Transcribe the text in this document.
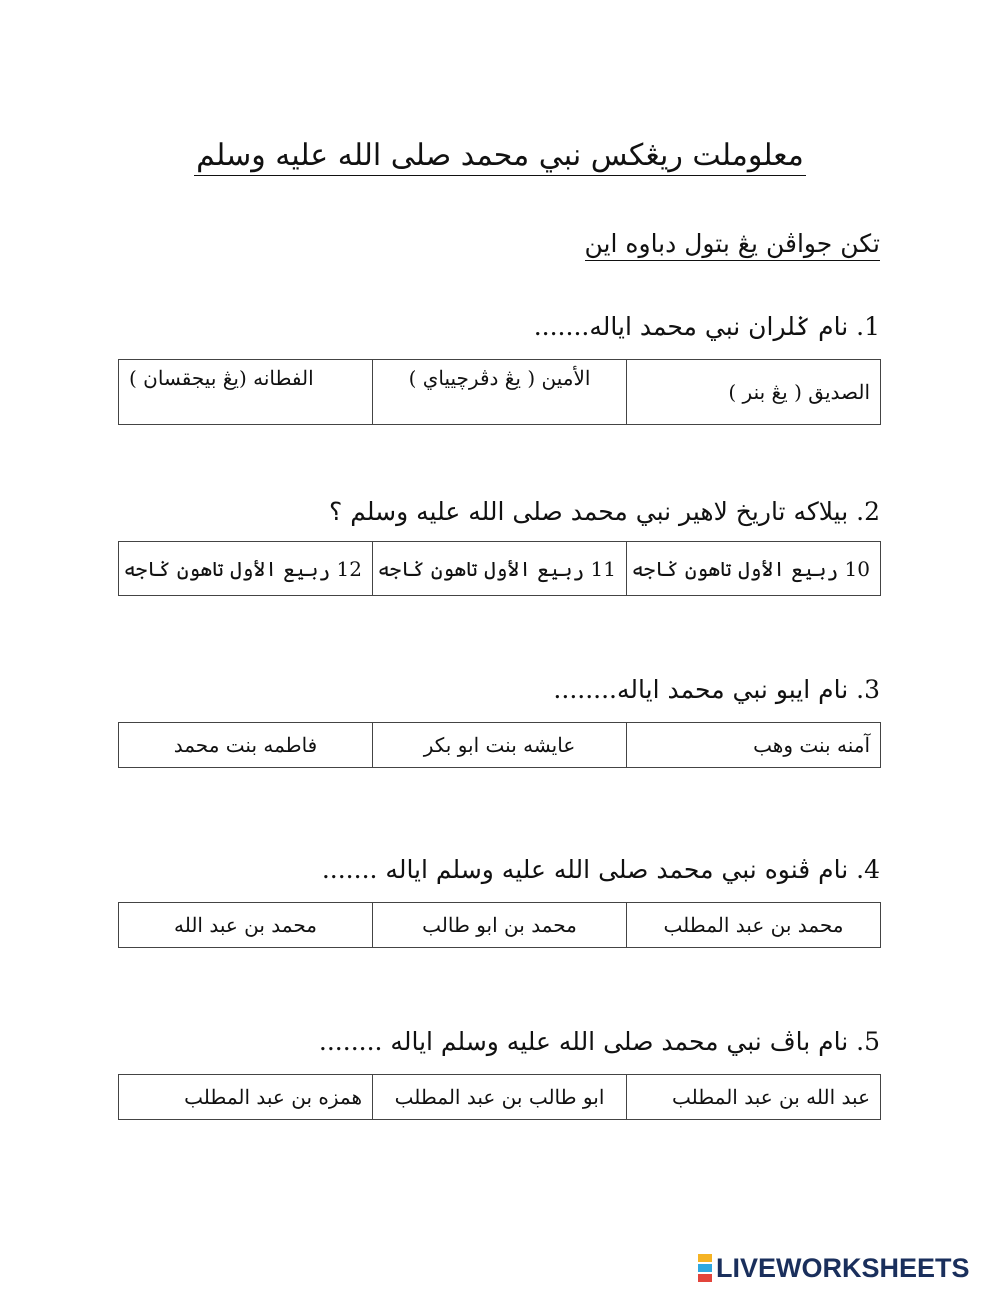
معلوملت ريڠكس نبي محمد صلى الله عليه وسلم
تكن جواڤن يڠ بتول دباوه اين
1. نام ݢلران نبي محمد اياله.......
الصديق ( يڠ بنر )	الأمين ( يڠ دڤرچيياي )	الفطانه (يڠ بيجقسان )
2. بيلاكه تاريخ لاهير نبي محمد صلى الله عليه وسلم ؟
10 ربيع الأول تاهون ݢاجه	11 ربيع الأول تاهون ݢاجه	12 ربيع الأول تاهون ݢاجه
3. نام ايبو نبي محمد اياله........
آمنه بنت وهب	عايشه بنت ابو بكر	فاطمه بنت محمد
4. نام ڤنوه نبي محمد صلى الله عليه وسلم اياله .......
محمد بن عبد المطلب	محمد بن ابو طالب	محمد بن عبد الله
5. نام باڤ نبي محمد صلى الله عليه وسلم اياله ........
عبد الله بن عبد المطلب	ابو طالب بن عبد المطلب	همزه بن عبد المطلب
LIVEWORKSHEETS
